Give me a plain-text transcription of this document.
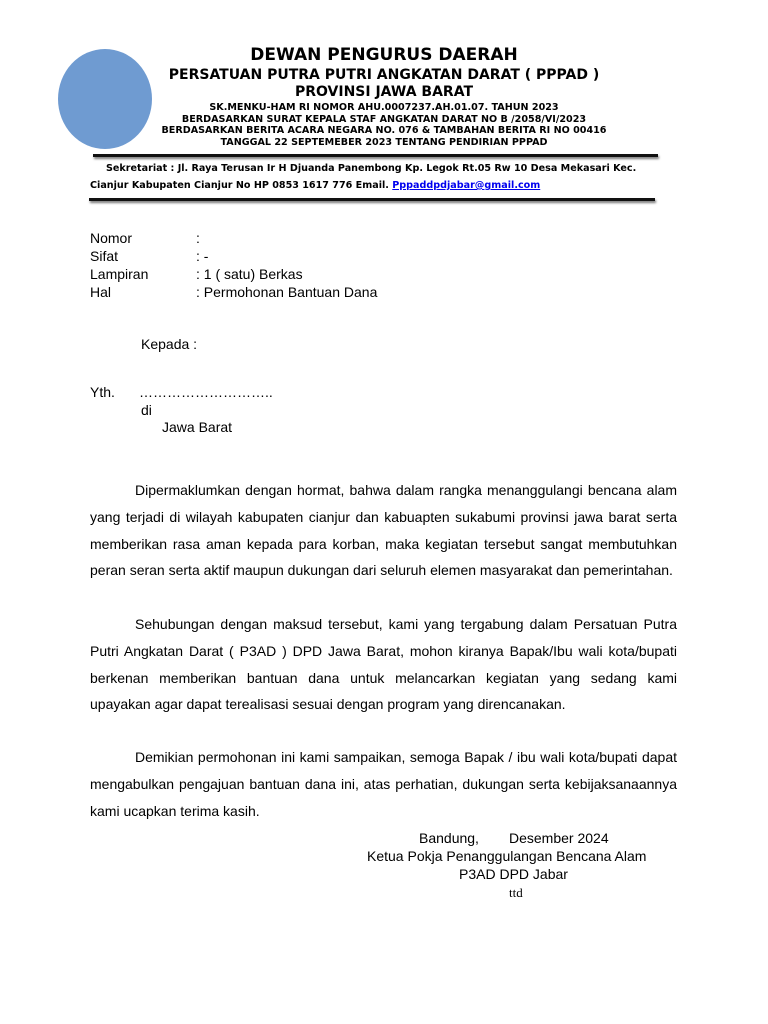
DEWAN PENGURUS DAERAH
PERSATUAN PUTRA PUTRI ANGKATAN DARAT ( PPPAD )
PROVINSI JAWA BARAT
SK.MENKU-HAM RI NOMOR AHU.0007237.AH.01.07. TAHUN 2023
BERDASARKAN SURAT KEPALA STAF ANGKATAN DARAT NO B /2058/VI/2023
BERDASARKAN BERITA ACARA NEGARA NO. 076 & TAMBAHAN BERITA RI NO 00416
TANGGAL 22 SEPTEMEBER 2023 TENTANG PENDIRIAN PPPAD
Sekretariat : Jl. Raya Terusan Ir H Djuanda Panembong Kp. Legok Rt.05 Rw 10 Desa Mekasari Kec.
Cianjur Kabupaten Cianjur No HP 0853 1617 776 Email. Pppaddpdjabar@gmail.com
Nomor	:
Sifat	: -
Lampiran	: 1 ( satu) Berkas
Hal	: Permohonan Bantuan Dana
Kepada :
Yth. ………………………..
di
Jawa Barat

Dipermaklumkan dengan hormat, bahwa dalam rangka menanggulangi bencana alam yang terjadi di wilayah kabupaten cianjur dan kabuapten sukabumi provinsi jawa barat serta memberikan rasa aman kepada para korban, maka kegiatan tersebut sangat membutuhkan peran seran serta aktif maupun dukungan dari seluruh elemen masyarakat dan pemerintahan.

Sehubungan dengan maksud tersebut, kami yang tergabung dalam Persatuan Putra Putri Angkatan Darat ( P3AD ) DPD Jawa Barat, mohon kiranya Bapak/Ibu wali kota/bupati berkenan memberikan bantuan dana untuk melancarkan kegiatan yang sedang kami upayakan agar dapat terealisasi sesuai dengan program yang direncanakan.

Demikian permohonan ini kami sampaikan, semoga Bapak / ibu wali kota/bupati dapat mengabulkan pengajuan bantuan dana ini, atas perhatian, dukungan serta kebijaksanaannya kami ucapkan terima kasih.

Bandung, Desember 2024
Ketua Pokja Penanggulangan Bencana Alam
P3AD DPD Jabar
ttd
